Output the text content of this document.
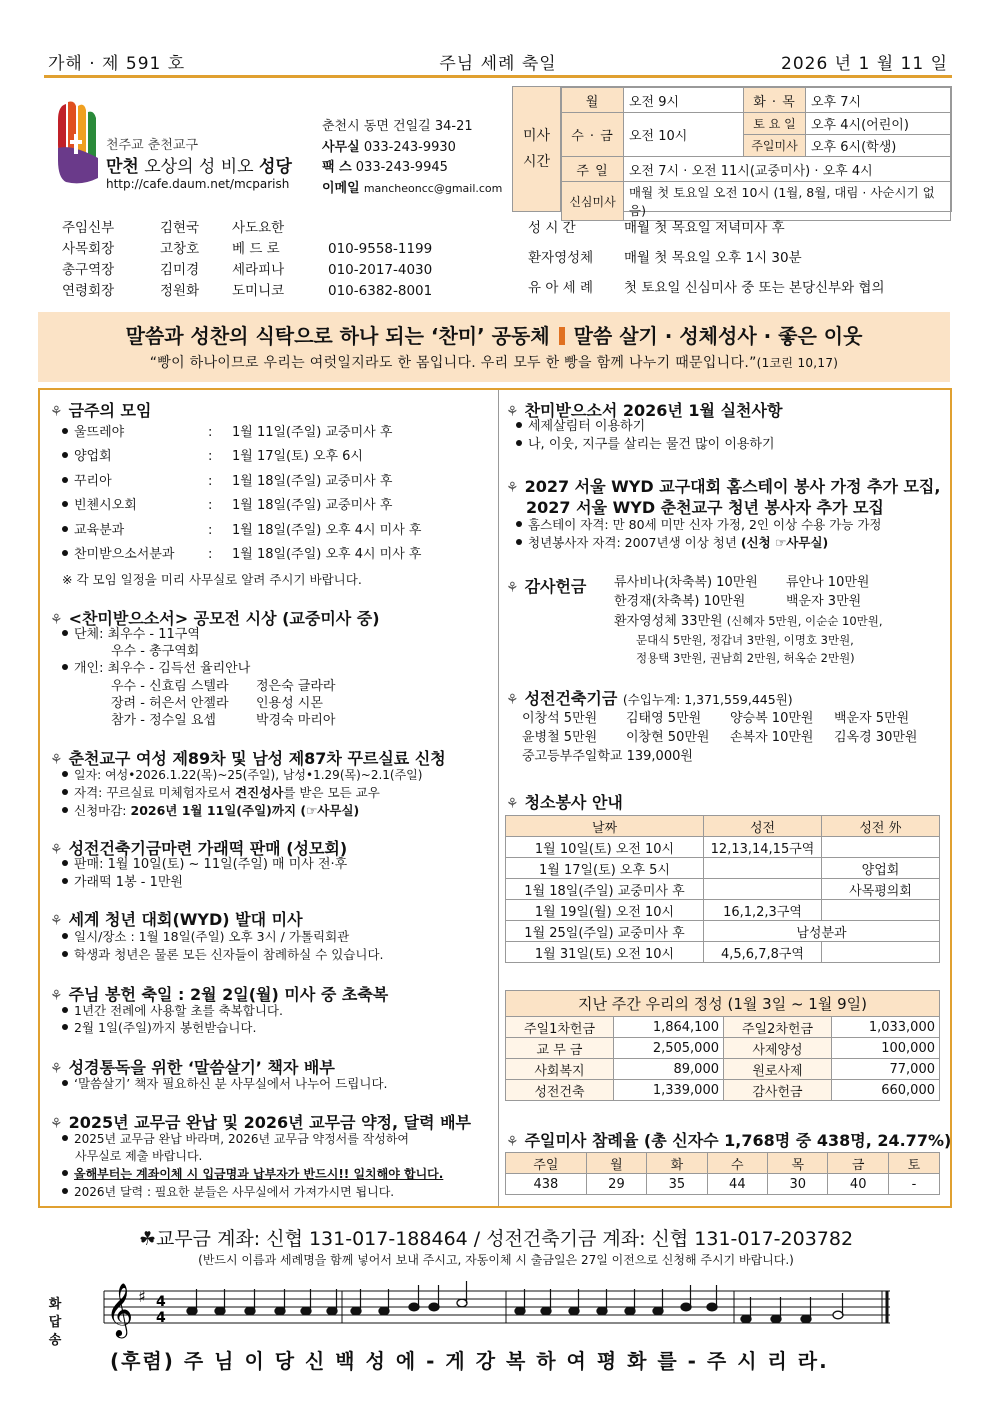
가해 · 제 591 호	주님 세례 축일	2026 년 1 월 11 일
천주교 춘천교구
만천 오상의 성 비오 성당
http://cafe.daum.net/mcparish
춘천시 동면 건일길 34-21
사무실 033-243-9930
팩 스 033-243-9945
이메일 mancheoncc@gmail.com
미사
시간
월	오전 9시	화 · 목	오후 7시
수 · 금	오전 10시	토 요 일	오후 4시(어린이)
		주일미사	오후 6시(학생)
주 일	오전 7시 · 오전 11시(교중미사) · 오후 4시		
신심미사	매월 첫 토요일 오전 10시 (1월, 8월, 대림 · 사순시기 없음)		
주임신부	김현국 사도요한
사목회장	고창호 베 드 로	010-9558-1199
총구역장	김미경 세라피나	010-2017-4030
연령회장	정원화 도미니코	010-6382-8001
성 시 간	매월 첫 목요일 저녁미사 후
환자영성체 매월 첫 목요일 오후 1시 30분
유 아 세 례 첫 토요일 신심미사 중 또는 본당신부와 협의
말씀과 성찬의 식탁으로 하나 되는 ‘찬미’ 공동체 말씀 살기 · 성체성사 · 좋은 이웃
“빵이 하나이므로 우리는 여럿일지라도 한 몸입니다. 우리 모두 한 빵을 함께 나누기 때문입니다.”(1코린 10,17)
⚘ 금주의 모임
울뜨레야	: 1월 11일(주일) 교중미사 후
양업회	: 1월 17일(토) 오후 6시
꾸리아	: 1월 18일(주일) 교중미사 후
빈첸시오회	: 1월 18일(주일) 교중미사 후
교육분과	: 1월 18일(주일) 오후 4시 미사 후
찬미받으소서분과	: 1월 18일(주일) 오후 4시 미사 후
※ 각 모임 일정을 미리 사무실로 알려 주시기 바랍니다.
⚘ <찬미받으소서> 공모전 시상 (교중미사 중)
단체: 최우수 - 11구역
우수 - 총구역회
개인: 최우수 - 김득선 율리안나
우수 - 신효림 스텔라 정은숙 글라라
장려 - 허은서 안젤라 인용성 시몬
참가 - 정수일 요셉	박경숙 마리아
⚘ 춘천교구 여성 제89차 및 남성 제87차 꾸르실료 신청
일자: 여성•2026.1.22(목)~25(주일), 남성•1.29(목)~2.1(주일)
자격: 꾸르실료 미체험자로서 견진성사를 받은 모든 교우
신청마감: 2026년 1월 11일(주일)까지 (☞사무실)
⚘ 성전건축기금마련 가래떡 판매 (성모회)
판매: 1월 10일(토) ~ 11일(주일) 매 미사 전·후
가래떡 1봉 - 1만원
⚘ 세계 청년 대회(WYD) 발대 미사
일시/장소 : 1월 18일(주일) 오후 3시 / 가톨릭회관
학생과 청년은 물론 모든 신자들이 참례하실 수 있습니다.
⚘ 주님 봉헌 축일 : 2월 2일(월) 미사 중 초축복
1년간 전례에 사용할 초를 축복합니다.
2월 1일(주일)까지 봉헌받습니다.
⚘ 성경통독을 위한 ‘말씀살기’ 책자 배부
‘말씀살기’ 책자 필요하신 분 사무실에서 나누어 드립니다.
⚘ 2025년 교무금 완납 및 2026년 교무금 약정, 달력 배부
2025년 교무금 완납 바라며, 2026년 교무금 약정서를 작성하여
사무실로 제출 바랍니다.
올해부터는 계좌이체 시 입금명과 납부자가 반드시!! 일치해야 합니다.
2026년 달력 : 필요한 분들은 사무실에서 가져가시면 됩니다.
⚘ 찬미받으소서 2026년 1월 실천사항
세제살림터 이용하기
나, 이웃, 지구를 살리는 물건 많이 이용하기
⚘ 2027 서울 WYD 교구대회 홈스테이 봉사 가정 추가 모집,
2027 서울 WYD 춘천교구 청년 봉사자 추가 모집
홈스테이 자격: 만 80세 미만 신자 가정, 2인 이상 수용 가능 가정
청년봉사자 자격: 2007년생 이상 청년 (신청 ☞사무실)
⚘ 감사헌금 류사비나(차축복) 10만원 류안나 10만원
한경재(차축복) 10만원	백운자 3만원
환자영성체 33만원 (신혜자 5만원, 이순순 10만원,
문대식 5만원, 정갑녀 3만원, 이명호 3만원,
정용택 3만원, 권남희 2만원, 허옥순 2만원)
⚘ 성전건축기금 (수입누계: 1,371,559,445원)
이창석 5만원 김태영 5만원 양승복 10만원 백운자 5만원
윤병철 5만원 이창현 50만원 손복자 10만원 김옥경 30만원
중고등부주일학교 139,000원
⚘ 청소봉사 안내
날짜	성전	성전 外
1월 10일(토) 오전 10시	12,13,14,15구역	
1월 17일(토) 오후 5시		양업회
1월 18일(주일) 교중미사 후		사목평의회
1월 19일(월) 오전 10시	16,1,2,3구역	
1월 25일(주일) 교중미사 후	남성분과	
1월 31일(토) 오전 10시	4,5,6,7,8구역	
지난 주간 우리의 정성 (1월 3일 ~ 1월 9일)			
주일1차헌금	1,864,100	주일2차헌금	1,033,000
교 무 금	2,505,000	사제양성	100,000
사회복지	89,000	원로사제	77,000
성전건축	1,339,000	감사헌금	660,000
⚘ 주일미사 참례율 (총 신자수 1,768명 중 438명, 24.77%)
주일	월	화	수	목	금	토
438	29	35	44	30	40	-
☘교무금 계좌: 신협 131-017-188464 / 성전건축기금 계좌: 신협 131-017-203782
(반드시 이름과 세례명을 함께 넣어서 보내 주시고, 자동이체 시 출금일은 27일 이전으로 신청해 주시기 바랍니다.)
화
답
송
𝄞 ♯ 4
4
(후렴) 주 님 이 당 신 백 성 에 - 게 강 복 하 여 평 화 를 - 주 시 리 라.
